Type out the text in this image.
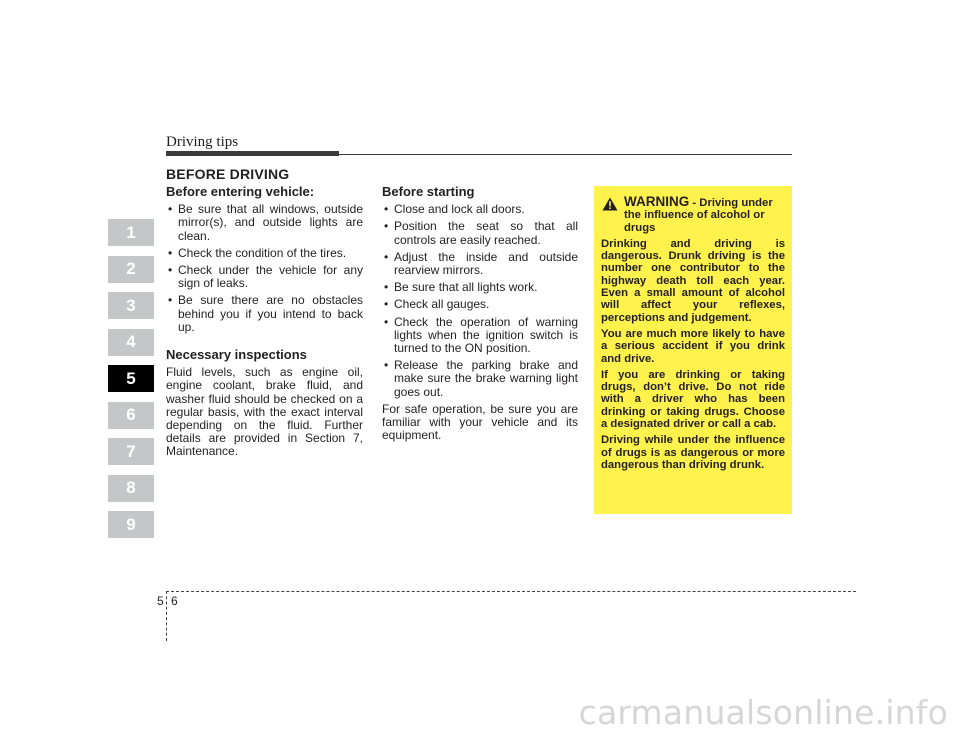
Driving tips
BEFORE DRIVING
1
2
3
4
5
6
7
8
9
Before entering vehicle:
• Be sure that all windows, outside mirror(s), and outside lights are clean.
• Check the condition of the tires.
• Check under the vehicle for any sign of leaks.
• Be sure there are no obstacles behind you if you intend to back up.
Necessary inspections

Fluid levels, such as engine oil, engine coolant, brake fluid, and washer fluid should be checked on a regular basis, with the exact interval depending on the fluid. Further details are provided in Section 7, Maintenance.

Before starting
• Close and lock all doors.
• Position the seat so that all controls are easily reached.
• Adjust the inside and outside rearview mirrors.
• Be sure that all lights work.
• Check all gauges.
• Check the operation of warning lights when the ignition switch is turned to the ON position.
• Release the parking brake and make sure the brake warning light goes out.

For safe operation, be sure you are familiar with your vehicle and its equipment.

WARNING - Driving under the influence of alcohol or drugs
Drinking and driving is dangerous. Drunk driving is the number one contributor to the highway death toll each year. Even a small amount of alcohol will affect your reflexes, perceptions and judgement.
You are much more likely to have a serious accident if you drink and drive.
If you are drinking or taking drugs, don’t drive. Do not ride with a driver who has been drinking or taking drugs. Choose a designated driver or call a cab.
Driving while under the influence of drugs is as dangerous or more dangerous than driving drunk.
5 6
carmanualsonline.info
